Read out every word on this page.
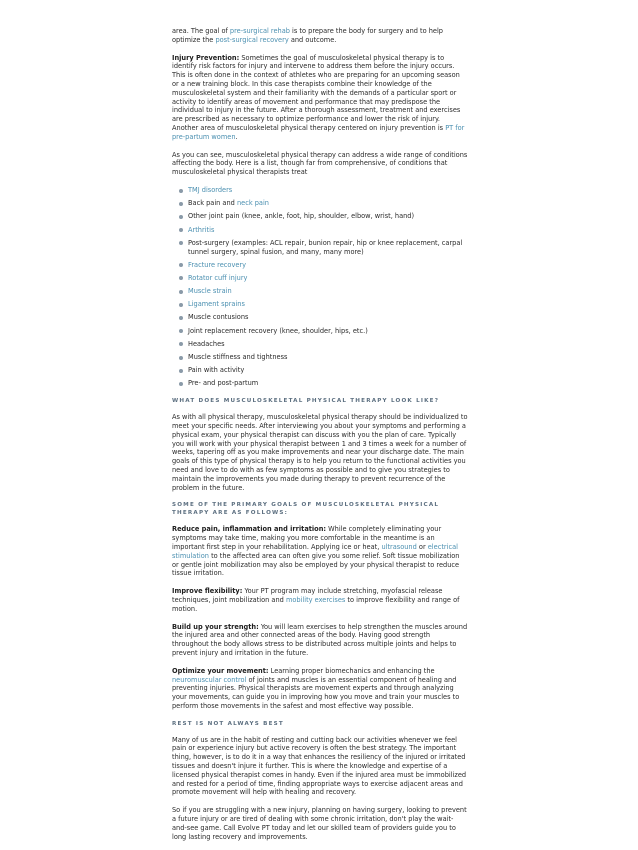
area. The goal of pre-surgical rehab is to prepare the body for surgery and to help optimize the post-surgical recovery and outcome.

Injury Prevention: Sometimes the goal of musculoskeletal physical therapy is to identify risk factors for injury and intervene to address them before the injury occurs. This is often done in the context of athletes who are preparing for an upcoming season or a new training block. In this case therapists combine their knowledge of the musculoskeletal system and their familiarity with the demands of a particular sport or activity to identify areas of movement and performance that may predispose the individual to injury in the future. After a thorough assessment, treatment and exercises are prescribed as necessary to optimize performance and lower the risk of injury. Another area of musculoskeletal physical therapy centered on injury prevention is PT for pre-partum women.

As you can see, musculoskeletal physical therapy can address a wide range of conditions affecting the body. Here is a list, though far from comprehensive, of conditions that musculoskeletal physical therapists treat

TMJ disorders
Back pain and neck pain
Other joint pain (knee, ankle, foot, hip, shoulder, elbow, wrist, hand)
Arthritis
Post-surgery (examples: ACL repair, bunion repair, hip or knee replacement, carpal tunnel surgery, spinal fusion, and many, many more)
Fracture recovery
Rotator cuff injury
Muscle strain
Ligament sprains
Muscle contusions
Joint replacement recovery (knee, shoulder, hips, etc.)
Headaches
Muscle stiffness and tightness
Pain with activity
Pre- and post-partum
WHAT DOES MUSCULOSKELETAL PHYSICAL THERAPY LOOK LIKE?

As with all physical therapy, musculoskeletal physical therapy should be individualized to meet your specific needs. After interviewing you about your symptoms and performing a physical exam, your physical therapist can discuss with you the plan of care. Typically you will work with your physical therapist between 1 and 3 times a week for a number of weeks, tapering off as you make improvements and near your discharge date. The main goals of this type of physical therapy is to help you return to the functional activities you need and love to do with as few symptoms as possible and to give you strategies to maintain the improvements you made during therapy to prevent recurrence of the problem in the future.

SOME OF THE PRIMARY GOALS OF MUSCULOSKELETAL PHYSICAL THERAPY ARE AS FOLLOWS:

Reduce pain, inflammation and irritation: While completely eliminating your symptoms may take time, making you more comfortable in the meantime is an important first step in your rehabilitation. Applying ice or heat, ultrasound or electrical stimulation to the affected area can often give you some relief. Soft tissue mobilization or gentle joint mobilization may also be employed by your physical therapist to reduce tissue irritation.

Improve flexibility: Your PT program may include stretching, myofascial release techniques, joint mobilization and mobility exercises to improve flexibility and range of motion.

Build up your strength: You will learn exercises to help strengthen the muscles around the injured area and other connected areas of the body. Having good strength throughout the body allows stress to be distributed across multiple joints and helps to prevent injury and irritation in the future.

Optimize your movement: Learning proper biomechanics and enhancing the neuromuscular control of joints and muscles is an essential component of healing and preventing injuries. Physical therapists are movement experts and through analyzing your movements, can guide you in improving how you move and train your muscles to perform those movements in the safest and most effective way possible.

REST IS NOT ALWAYS BEST

Many of us are in the habit of resting and cutting back our activities whenever we feel pain or experience injury but active recovery is often the best strategy. The important thing, however, is to do it in a way that enhances the resiliency of the injured or irritated tissues and doesn't injure it further. This is where the knowledge and expertise of a licensed physical therapist comes in handy. Even if the injured area must be immobilized and rested for a period of time, finding appropriate ways to exercise adjacent areas and promote movement will help with healing and recovery.

So if you are struggling with a new injury, planning on having surgery, looking to prevent a future injury or are tired of dealing with some chronic irritation, don't play the wait-and-see game. Call Evolve PT today and let our skilled team of providers guide you to long lasting recovery and improvements.
